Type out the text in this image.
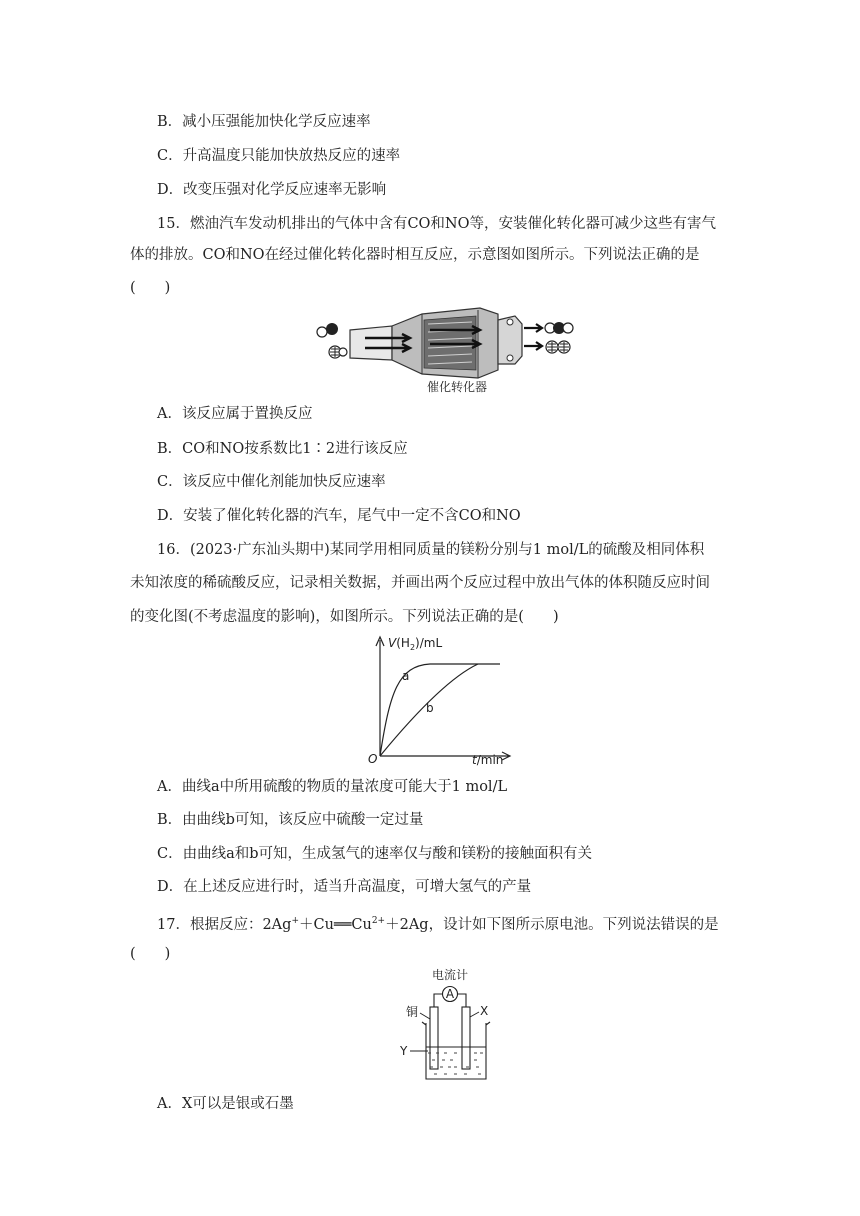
B．减小压强能加快化学反应速率
C．升高温度只能加快放热反应的速率
D．改变压强对化学反应速率无影响
15．燃油汽车发动机排出的气体中含有CO和NO等，安装催化转化器可减少这些有害气
体的排放。CO和NO在经过催化转化器时相互反应，示意图如图所示。下列说法正确的是
(　　)
催化转化器
A．该反应属于置换反应
B．CO和NO按系数比1∶2进行该反应
C．该反应中催化剂能加快反应速率
D．安装了催化转化器的汽车，尾气中一定不含CO和NO
16．(2023·广东汕头期中)某同学用相同质量的镁粉分别与1 mol/L的硫酸及相同体积
未知浓度的稀硫酸反应，记录相关数据，并画出两个反应过程中放出气体的体积随反应时间
的变化图(不考虑温度的影响)，如图所示。下列说法正确的是(　　)
$V(H_2)/mL$
a
b
O	t/min
A．曲线a中所用硫酸的物质的量浓度可能大于1 mol/L
B．由曲线b可知，该反应中硫酸一定过量
C．由曲线a和b可知，生成氢气的速率仅与酸和镁粉的接触面积有关
D．在上述反应进行时，适当升高温度，可增大氢气的产量
17．根据反应：$2Ag^++Cu══Cu^{2+}+2Ag$，设计如下图所示原电池。下列说法错误的是
(　　)
电流计
A
铜	X
Y
A．X可以是银或石墨
